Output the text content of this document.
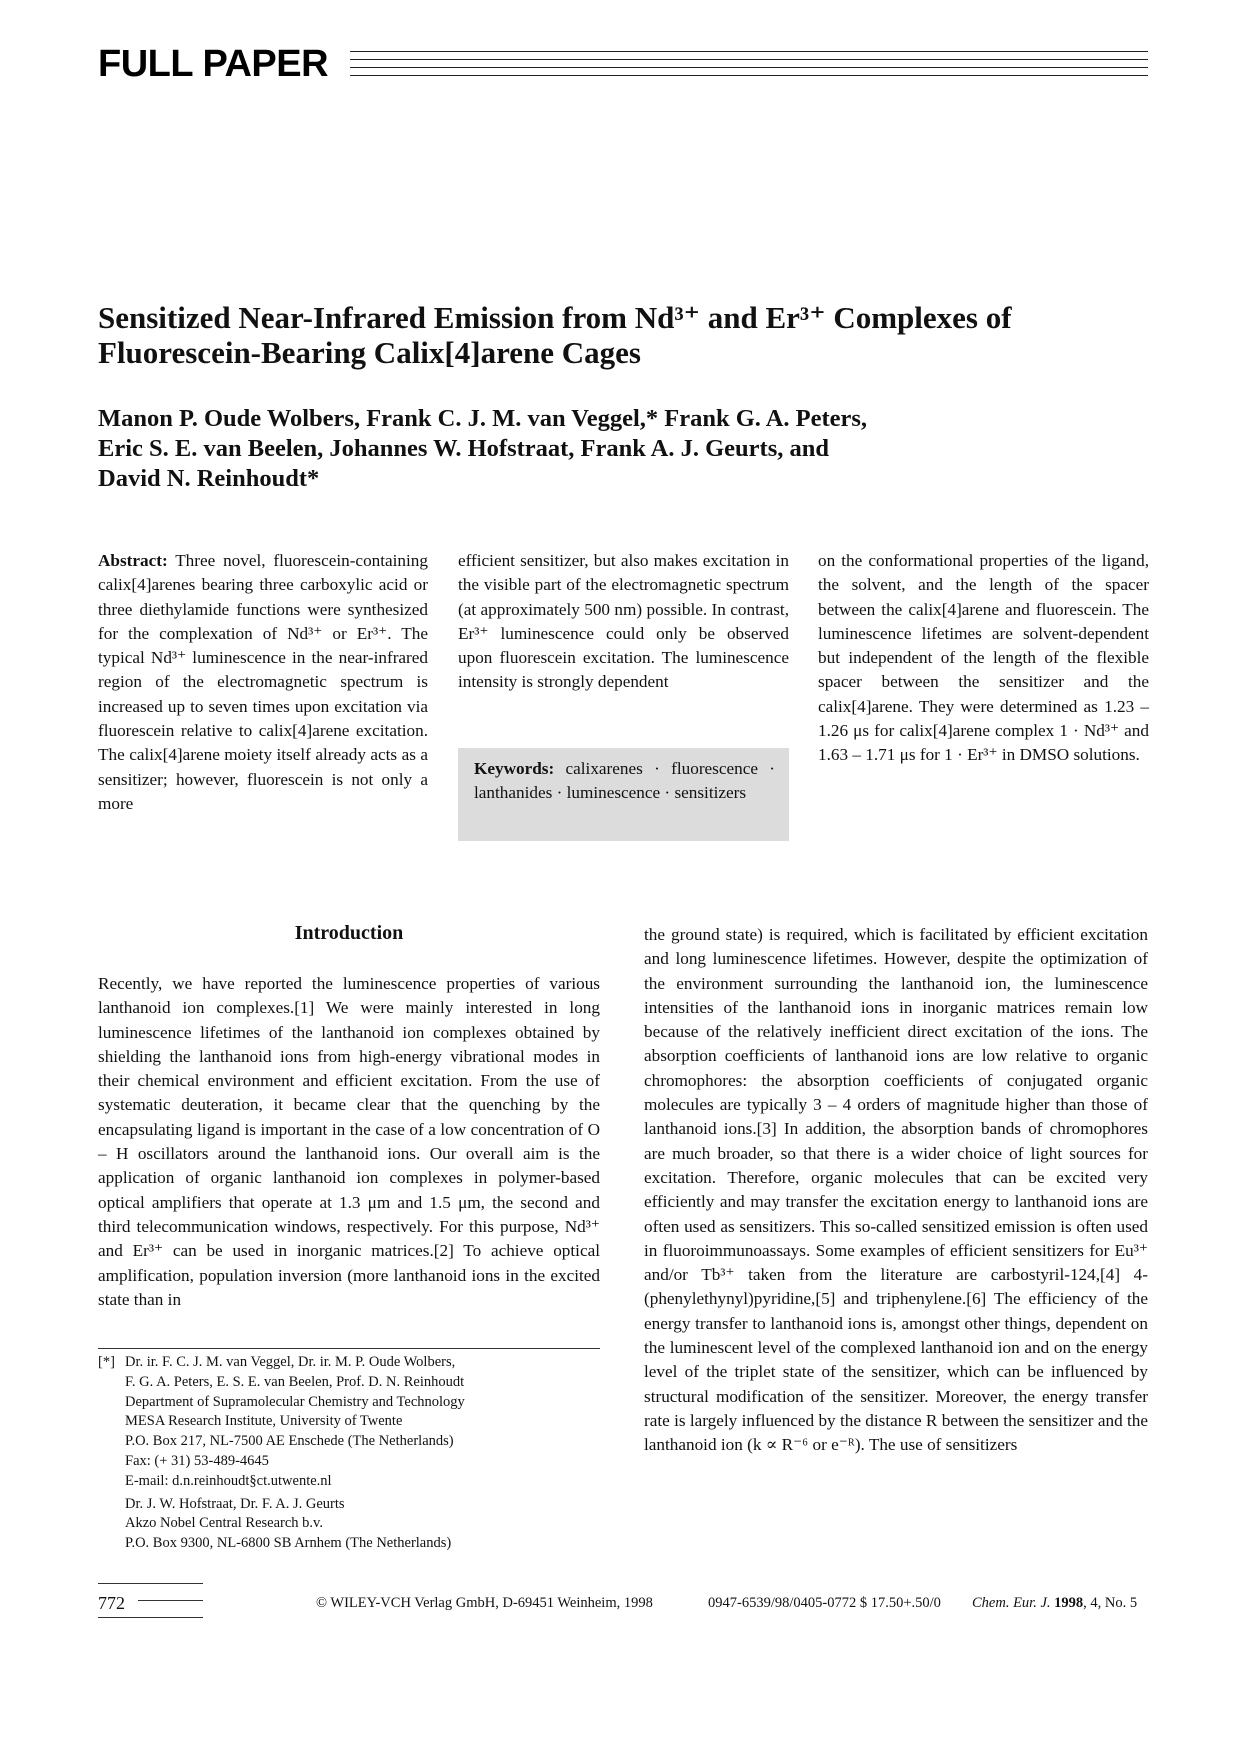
FULL PAPER
Sensitized Near-Infrared Emission from Nd³⁺ and Er³⁺ Complexes of
Fluorescein-Bearing Calix[4]arene Cages
Manon P. Oude Wolbers, Frank C. J. M. van Veggel,* Frank G. A. Peters,
Eric S. E. van Beelen, Johannes W. Hofstraat, Frank A. J. Geurts, and
David N. Reinhoudt*

Abstract: Three novel, fluorescein-containing calix[4]arenes bearing three carboxylic acid or three diethylamide functions were synthesized for the complexation of Nd³⁺ or Er³⁺. The typical Nd³⁺ luminescence in the near-infrared region of the electromagnetic spectrum is increased up to seven times upon excitation via fluorescein relative to calix[4]arene excitation. The calix[4]arene moiety itself already acts as a sensitizer; however, fluorescein is not only a more

efficient sensitizer, but also makes excitation in the visible part of the electromagnetic spectrum (at approximately 500 nm) possible. In contrast, Er³⁺ luminescence could only be observed upon fluorescein excitation. The luminescence intensity is strongly dependent

on the conformational properties of the ligand, the solvent, and the length of the spacer between the calix[4]arene and fluorescein. The luminescence lifetimes are solvent-dependent but independent of the length of the flexible spacer between the sensitizer and the calix[4]arene. They were determined as 1.23 – 1.26 μs for calix[4]arene complex 1 · Nd³⁺ and 1.63 – 1.71 μs for 1 · Er³⁺ in DMSO solutions.

Keywords: calixarenes · fluorescence · lanthanides · luminescence · sensitizers
Introduction

Recently, we have reported the luminescence properties of various lanthanoid ion complexes.[1] We were mainly interested in long luminescence lifetimes of the lanthanoid ion complexes obtained by shielding the lanthanoid ions from high-energy vibrational modes in their chemical environment and efficient excitation. From the use of systematic deuteration, it became clear that the quenching by the encapsulating ligand is important in the case of a low concentration of O – H oscillators around the lanthanoid ions. Our overall aim is the application of organic lanthanoid ion complexes in polymer-based optical amplifiers that operate at 1.3 μm and 1.5 μm, the second and third telecommunication windows, respectively. For this purpose, Nd³⁺ and Er³⁺ can be used in inorganic matrices.[2] To achieve optical amplification, population inversion (more lanthanoid ions in the excited state than in

the ground state) is required, which is facilitated by efficient excitation and long luminescence lifetimes. However, despite the optimization of the environment surrounding the lanthanoid ion, the luminescence intensities of the lanthanoid ions in inorganic matrices remain low because of the relatively inefficient direct excitation of the ions. The absorption coefficients of lanthanoid ions are low relative to organic chromophores: the absorption coefficients of conjugated organic molecules are typically 3 – 4 orders of magnitude higher than those of lanthanoid ions.[3] In addition, the absorption bands of chromophores are much broader, so that there is a wider choice of light sources for excitation. Therefore, organic molecules that can be excited very efficiently and may transfer the excitation energy to lanthanoid ions are often used as sensitizers. This so-called sensitized emission is often used in fluoroimmunoassays. Some examples of efficient sensitizers for Eu³⁺ and/or Tb³⁺ taken from the literature are carbostyril-124,[4] 4-(phenylethynyl)pyridine,[5] and triphenylene.[6] The efficiency of the energy transfer to lanthanoid ions is, amongst other things, dependent on the luminescent level of the complexed lanthanoid ion and on the energy level of the triplet state of the sensitizer, which can be influenced by structural modification of the sensitizer. Moreover, the energy transfer rate is largely influenced by the distance R between the sensitizer and the lanthanoid ion (k ∝ R⁻⁶ or e⁻ᴿ). The use of sensitizers

[*] Dr. ir. F. C. J. M. van Veggel, Dr. ir. M. P. Oude Wolbers,
F. G. A. Peters, E. S. E. van Beelen, Prof. D. N. Reinhoudt
Department of Supramolecular Chemistry and Technology
MESA Research Institute, University of Twente
P.O. Box 217, NL-7500 AE Enschede (The Netherlands)
Fax: (+ 31) 53-489-4645
E-mail: d.n.reinhoudt§ct.utwente.nl
Dr. J. W. Hofstraat, Dr. F. A. J. Geurts
Akzo Nobel Central Research b.v.
P.O. Box 9300, NL-6800 SB Arnhem (The Netherlands)
772	© WILEY-VCH Verlag GmbH, D-69451 Weinheim, 1998	0947-6539/98/0405-0772 $ 17.50+.50/0 Chem. Eur. J. 1998, 4, No. 5
